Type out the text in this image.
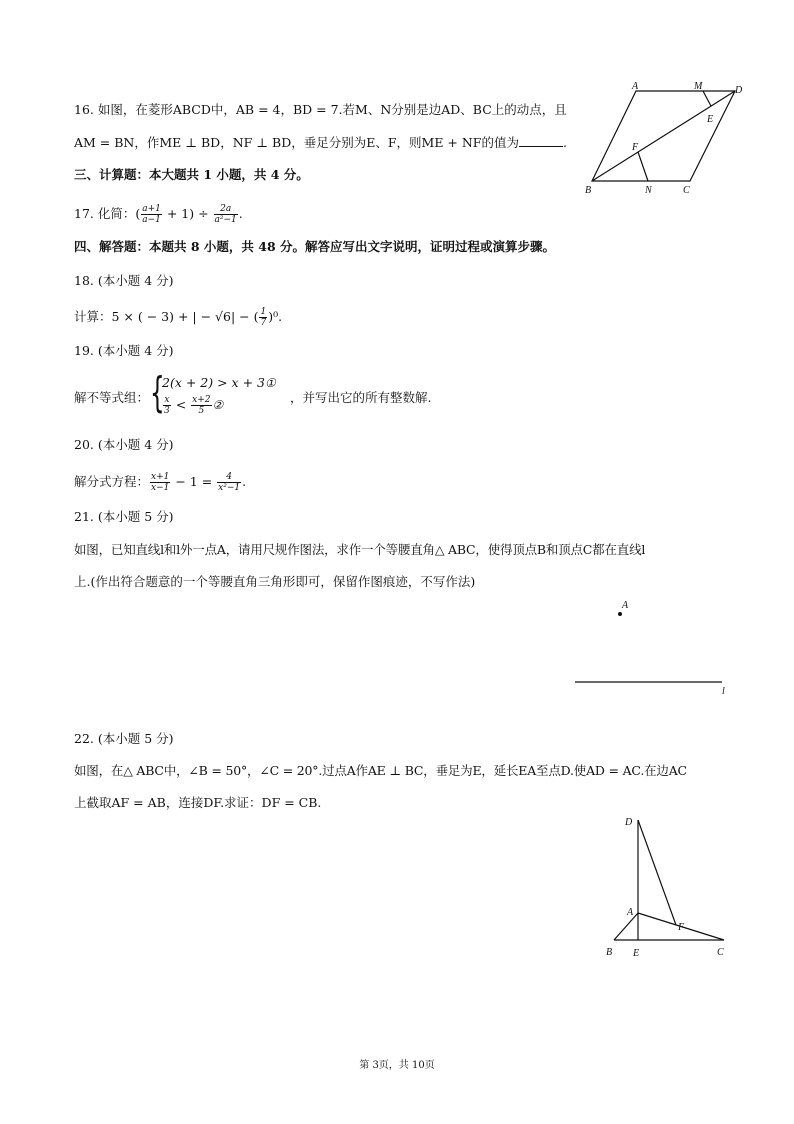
16. 如图，在菱形ABCD中，AB = 4，BD = 7.若M、N分别是边AD、BC上的动点，且
AM = BN，作ME ⊥ BD，NF ⊥ BD，垂足分别为E、F，则ME + NF的值为	.
A	M	D
E
F
B	N	C
三、计算题：本大题共 1 小题，共 4 分。
17. 化简：( $\frac{a+1}{a-1} + 1) \div \frac{2a}{\text{a²−1}}$ .
四、解答题：本题共 8 小题，共 48 分。解答应写出文字说明，证明过程或演算步骤。
18. (本小题 4 分)
计算：5 × ( − 3) + | − √6| − ( $\frac{1}{7} )^0$.
19. (本小题 4 分)
解不等式组： {
2(x + 2) > x + 3①
$\frac{x}{3} < \frac{x+2}{5}$ ②	，并写出它的所有整数解.
20. (本小题 4 分)
解分式方程： $\frac{x+1}{x-1} - 1 = \frac{4}{\text{x²−1}}$ .
21. (本小题 5 分)
如图，已知直线l和l外一点A，请用尺规作图法，求作一个等腰直角△ ABC，使得顶点B和顶点C都在直线l
上.(作出符合题意的一个等腰直角三角形即可，保留作图痕迹，不写作法)
A
l
22. (本小题 5 分)
如图，在△ ABC中，∠B = 50°，∠C = 20°.过点A作AE ⊥ BC，垂足为E，延长EA至点D.使AD = AC.在边AC
上截取AF = AB，连接DF.求证：DF = CB.
D
A
F
B E	C
第 3页，共 10页
